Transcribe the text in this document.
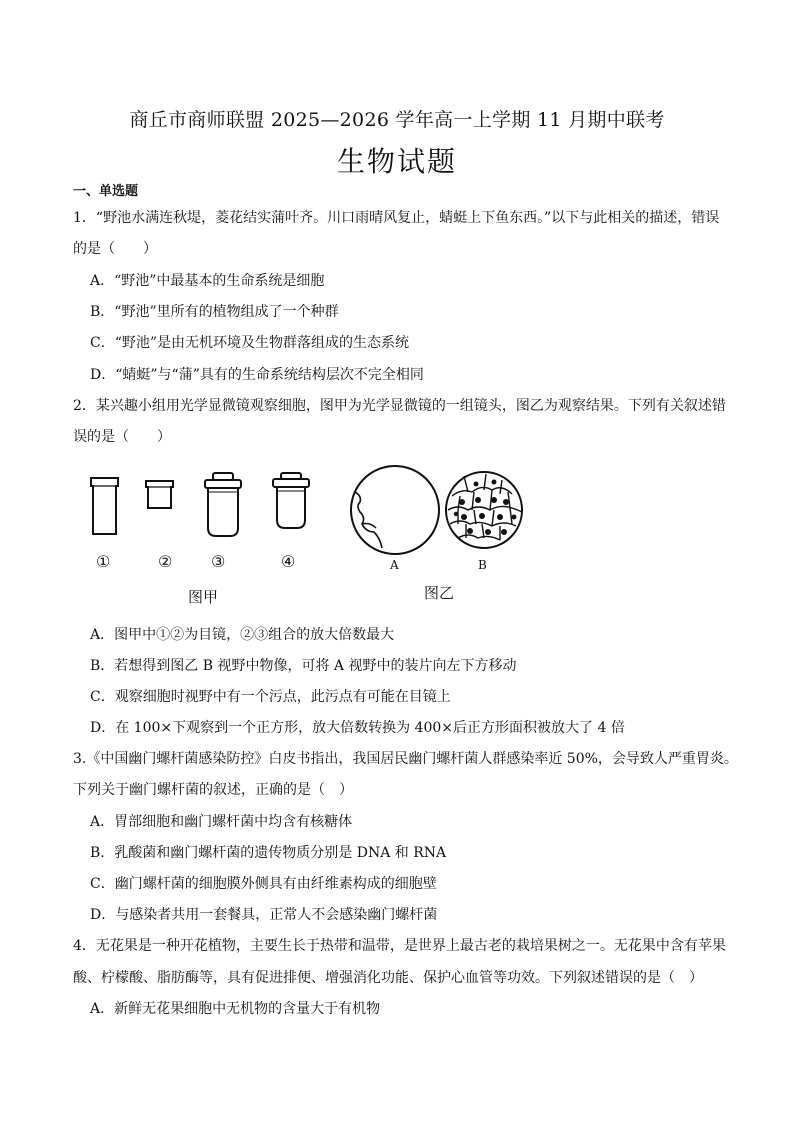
商丘市商师联盟 2025—2026 学年高一上学期 11 月期中联考
生物试题
一、单选题
1．“野池水满连秋堤，菱花结实蒲叶齐。川口雨晴风复止，蜻蜓上下鱼东西。”以下与此相关的描述，错误
的是（　　）
A．“野池”中最基本的生命系统是细胞
B．“野池”里所有的植物组成了一个种群
C．“野池”是由无机环境及生物群落组成的生态系统
D．“蜻蜓”与“蒲”具有的生命系统结构层次不完全相同
2．某兴趣小组用光学显微镜观察细胞，图甲为光学显微镜的一组镜头，图乙为观察结果。下列有关叙述错
误的是（　　）
①	② ③	④	A	B
图甲	图乙
A．图甲中①②为目镜，②③组合的放大倍数最大
B．若想得到图乙 B 视野中物像，可将 A 视野中的装片向左下方移动
C．观察细胞时视野中有一个污点，此污点有可能在目镜上
D．在 100×下观察到一个正方形，放大倍数转换为 400×后正方形面积被放大了 4 倍
3.《中国幽门螺杆菌感染防控》白皮书指出，我国居民幽门螺杆菌人群感染率近 50%，会导致人严重胃炎。
下列关于幽门螺杆菌的叙述，正确的是（　）
A．胃部细胞和幽门螺杆菌中均含有核糖体
B．乳酸菌和幽门螺杆菌的遗传物质分别是 DNA 和 RNA
C．幽门螺杆菌的细胞膜外侧具有由纤维素构成的细胞壁
D．与感染者共用一套餐具，正常人不会感染幽门螺杆菌
4．无花果是一种开花植物，主要生长于热带和温带，是世界上最古老的栽培果树之一。无花果中含有苹果
酸、柠檬酸、脂肪酶等，具有促进排便、增强消化功能、保护心血管等功效。下列叙述错误的是（　）
A．新鲜无花果细胞中无机物的含量大于有机物
